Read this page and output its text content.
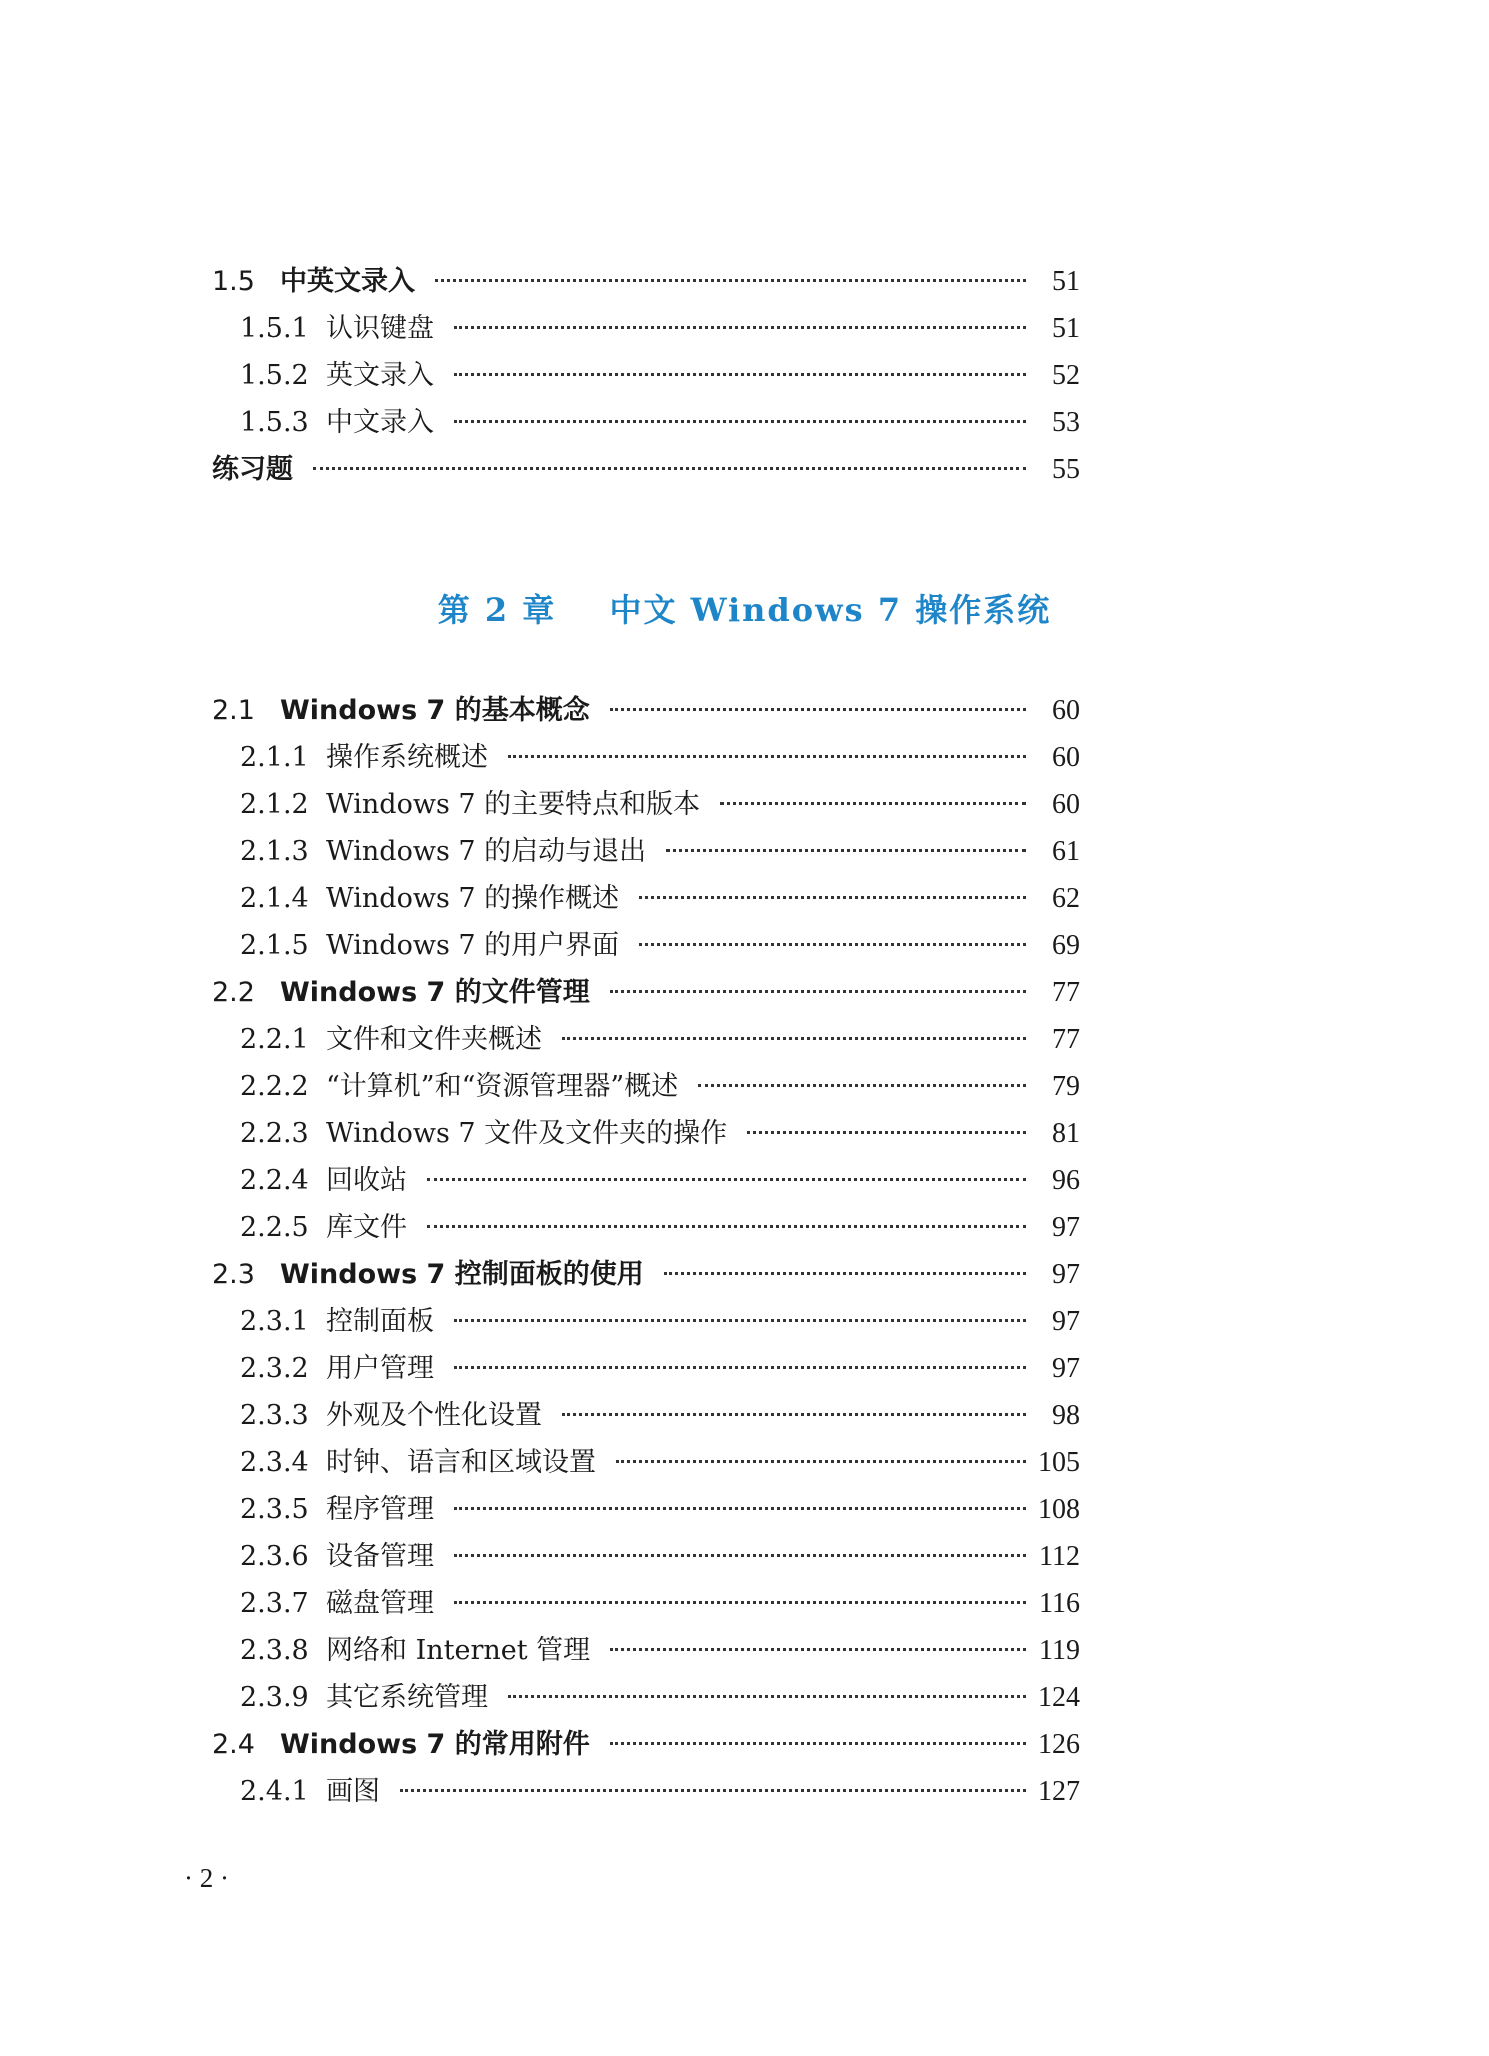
1.5 中英文录入	51
1.5.1 认识键盘	51
1.5.2 英文录入	52
1.5.3 中文录入	53
练习题	55
第 2 章 中文 Windows 7 操作系统
2.1 Windows 7 的基本概念	60
2.1.1 操作系统概述	60
2.1.2 Windows 7 的主要特点和版本	60
2.1.3 Windows 7 的启动与退出	61
2.1.4 Windows 7 的操作概述	62
2.1.5 Windows 7 的用户界面	69
2.2 Windows 7 的文件管理	77
2.2.1 文件和文件夹概述	77
2.2.2 “计算机”和“资源管理器”概述	79
2.2.3 Windows 7 文件及文件夹的操作	81
2.2.4 回收站	96
2.2.5 库文件	97
2.3 Windows 7 控制面板的使用	97
2.3.1 控制面板	97
2.3.2 用户管理	97
2.3.3 外观及个性化设置	98
2.3.4 时钟、语言和区域设置	105
2.3.5 程序管理	108
2.3.6 设备管理	112
2.3.7 磁盘管理	116
2.3.8 网络和 Internet 管理	119
2.3.9 其它系统管理	124
2.4 Windows 7 的常用附件	126
2.4.1 画图	127
· 2 ·
